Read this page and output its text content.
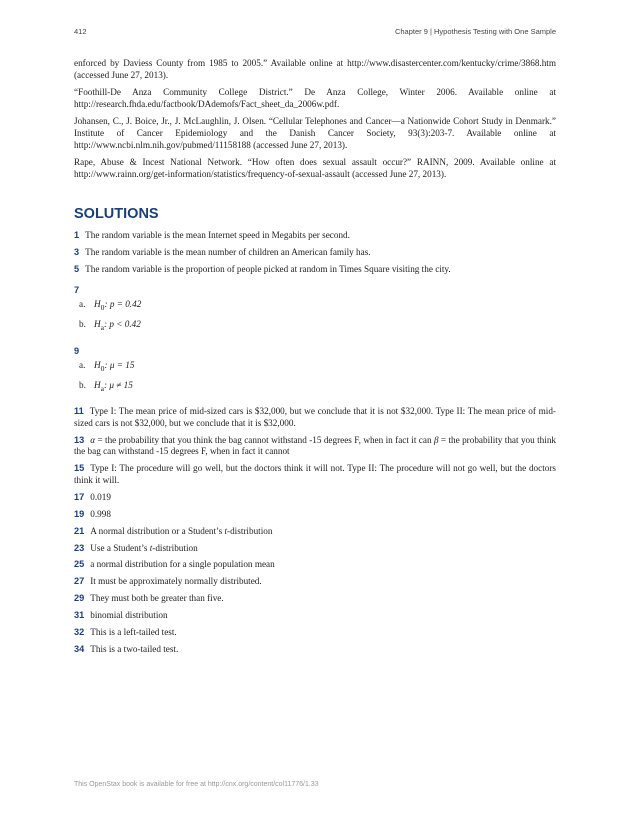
412	Chapter 9 | Hypothesis Testing with One Sample

enforced by Daviess County from 1985 to 2005.” Available online at http://www.disastercenter.com/kentucky/crime/3868.htm (accessed June 27, 2013).

“Foothill-De Anza Community College District.” De Anza College, Winter 2006. Available online at http://research.fhda.edu/factbook/DAdemofs/Fact_sheet_da_2006w.pdf.

Johansen, C., J. Boice, Jr., J. McLaughlin, J. Olsen. “Cellular Telephones and Cancer—a Nationwide Cohort Study in Denmark.” Institute of Cancer Epidemiology and the Danish Cancer Society, 93(3):203-7. Available online at http://www.ncbi.nlm.nih.gov/pubmed/11158188 (accessed June 27, 2013).

Rape, Abuse & Incest National Network. “How often does sexual assault occur?” RAINN, 2009. Available online at http://www.rainn.org/get-information/statistics/frequency-of-sexual-assault (accessed June 27, 2013).

SOLUTIONS

1 The random variable is the mean Internet speed in Megabits per second.

3 The random variable is the mean number of children an American family has.

5 The random variable is the proportion of people picked at random in Times Square visiting the city.

7

a. $H_0$: p = 0.42
b. $H_a$: p < 0.42

9

a. $H_0$: μ = 15
b. $H_a$: μ ≠ 15

11 Type I: The mean price of mid-sized cars is $32,000, but we conclude that it is not $32,000. Type II: The mean price of mid-sized cars is not $32,000, but we conclude that it is $32,000.

13 α = the probability that you think the bag cannot withstand -15 degrees F, when in fact it can β = the probability that you think the bag can withstand -15 degrees F, when in fact it cannot

15 Type I: The procedure will go well, but the doctors think it will not. Type II: The procedure will not go well, but the doctors think it will.

17 0.019

19 0.998

21 A normal distribution or a Student’s t-distribution

23 Use a Student’s t-distribution

25 a normal distribution for a single population mean

27 It must be approximately normally distributed.

29 They must both be greater than five.

31 binomial distribution

32 This is a left-tailed test.

34 This is a two-tailed test.

This OpenStax book is available for free at http://cnx.org/content/col11776/1.33
